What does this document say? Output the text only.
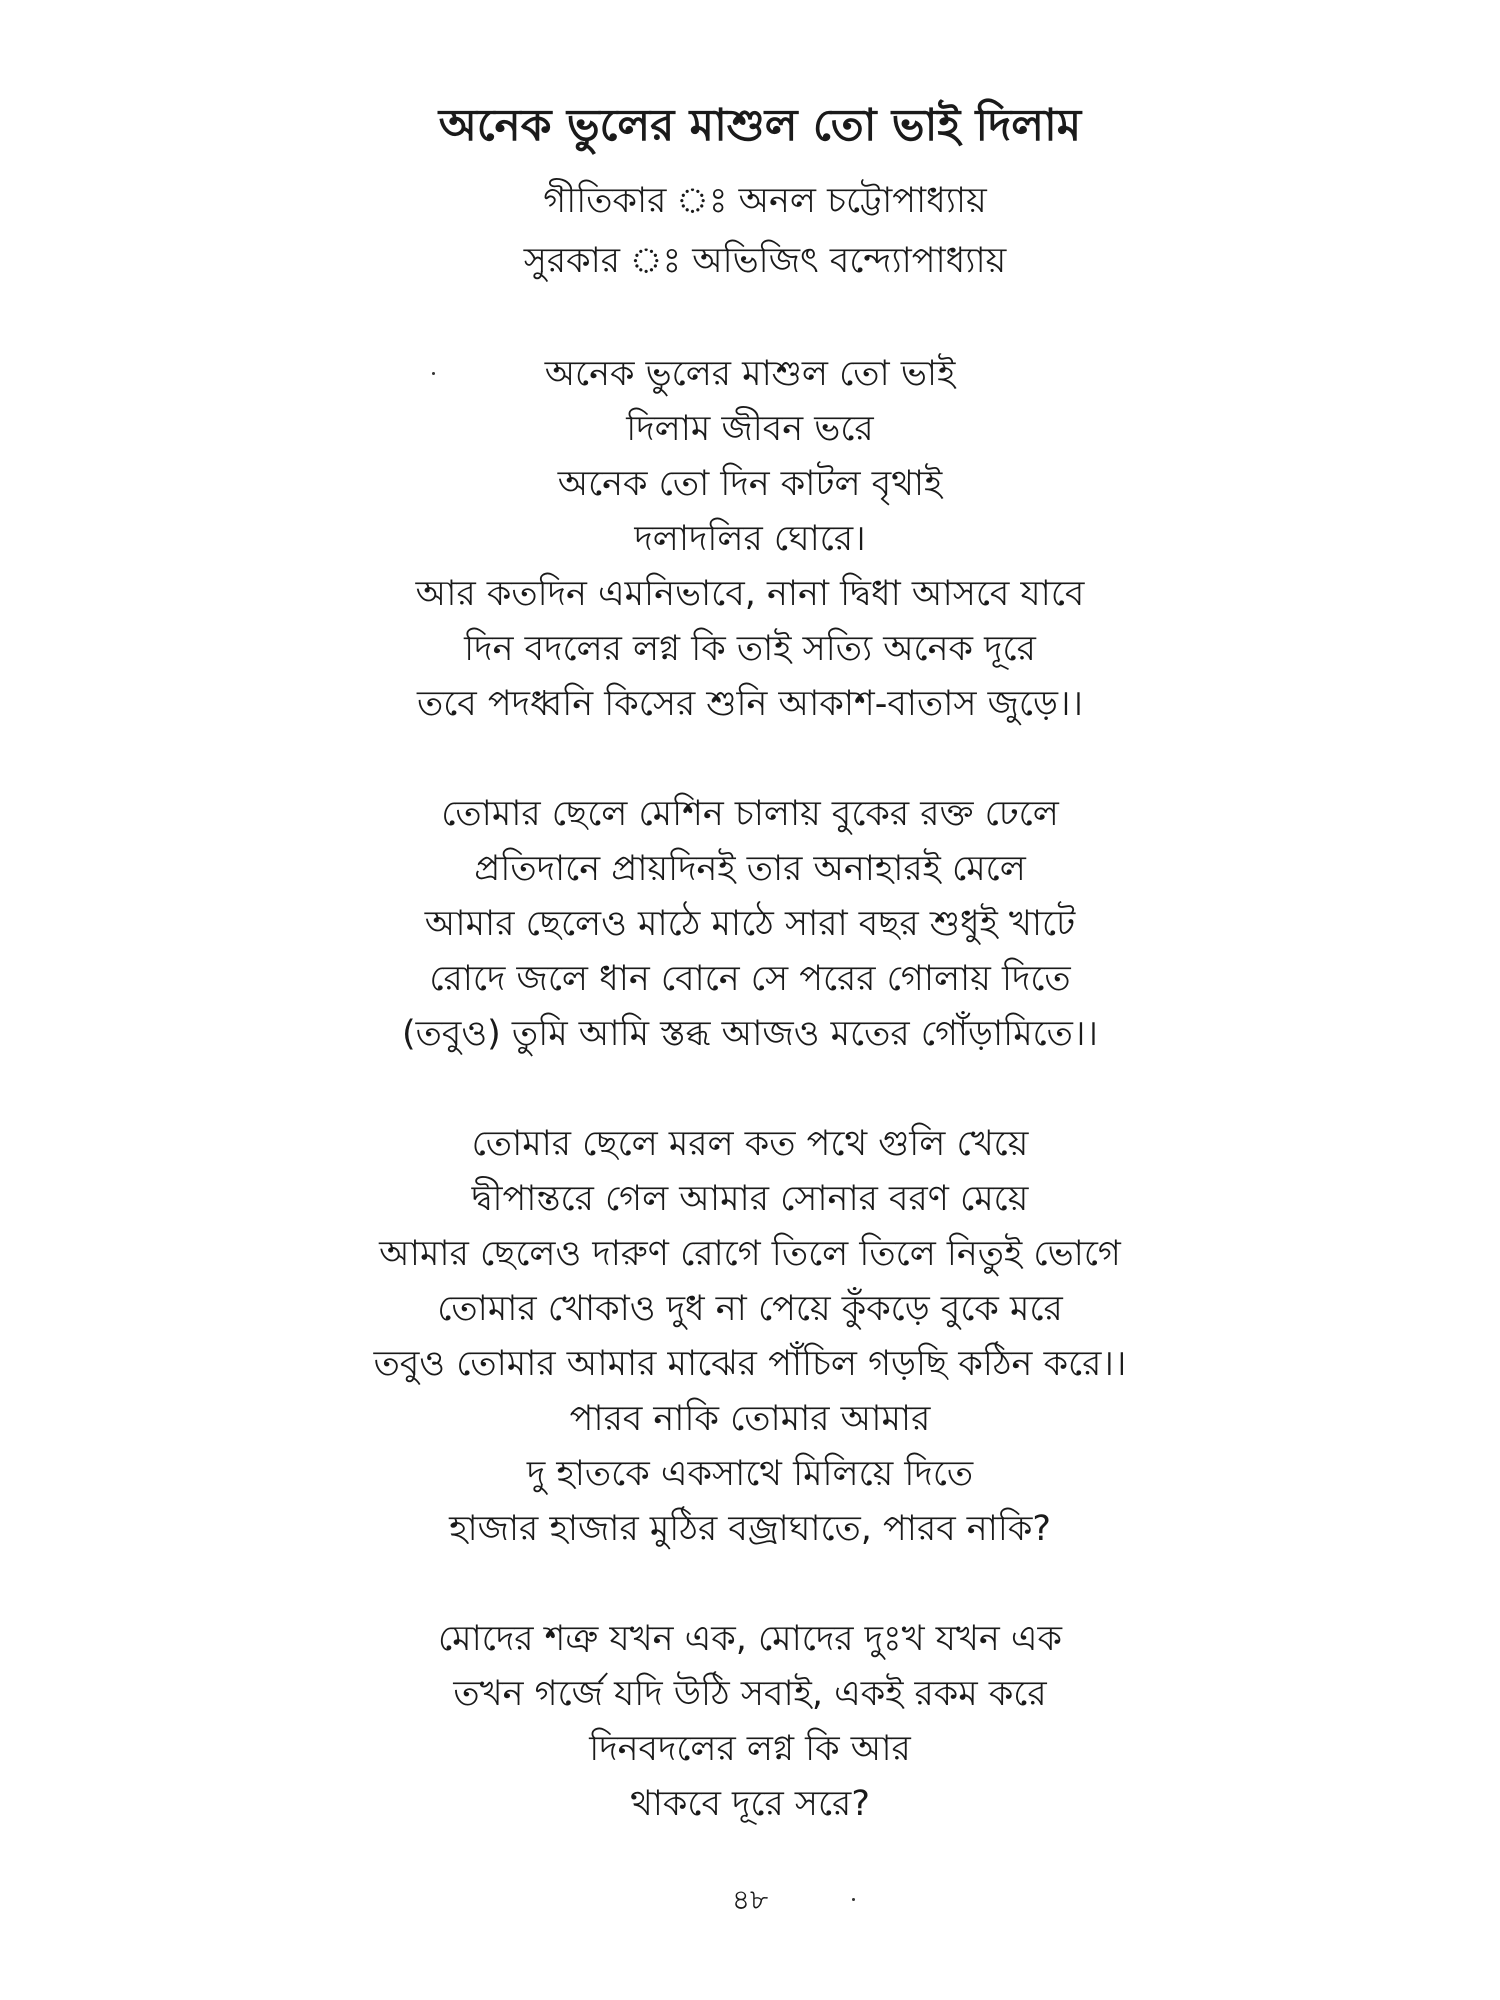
অনেক ভুলের মাশুল তো ভাই দিলাম
গীতিকার ঃ অনল চট্টোপাধ্যায়
সুরকার ঃ অভিজিৎ বন্দ্যোপাধ্যায়
অনেক ভুলের মাশুল তো ভাই
দিলাম জীবন ভরে
অনেক তো দিন কাটল বৃথাই
দলাদলির ঘোরে।
আর কতদিন এমনিভাবে, নানা দ্বিধা আসবে যাবে
দিন বদলের লগ্ন কি তাই সত্যি অনেক দূরে
তবে পদধ্বনি কিসের শুনি আকাশ-বাতাস জুড়ে।।
তোমার ছেলে মেশিন চালায় বুকের রক্ত ঢেলে
প্রতিদানে প্রায়দিনই তার অনাহারই মেলে
আমার ছেলেও মাঠে মাঠে সারা বছর শুধুই খাটে
রোদে জলে ধান বোনে সে পরের গোলায় দিতে
(তবুও) তুমি আমি স্তব্ধ আজও মতের গোঁড়ামিতে।।
তোমার ছেলে মরল কত পথে গুলি খেয়ে
দ্বীপান্তরে গেল আমার সোনার বরণ মেয়ে
আমার ছেলেও দারুণ রোগে তিলে তিলে নিতুই ভোগে
তোমার খোকাও দুধ না পেয়ে কুঁকড়ে বুকে মরে
তবুও তোমার আমার মাঝের পাঁচিল গড়ছি কঠিন করে।।
পারব নাকি তোমার আমার
দু হাতকে একসাথে মিলিয়ে দিতে
হাজার হাজার মুঠির বজ্রাঘাতে, পারব নাকি?
মোদের শত্রু যখন এক, মোদের দুঃখ যখন এক
তখন গর্জে যদি উঠি সবাই, একই রকম করে
দিনবদলের লগ্ন কি আর
থাকবে দূরে সরে?
৪৮
